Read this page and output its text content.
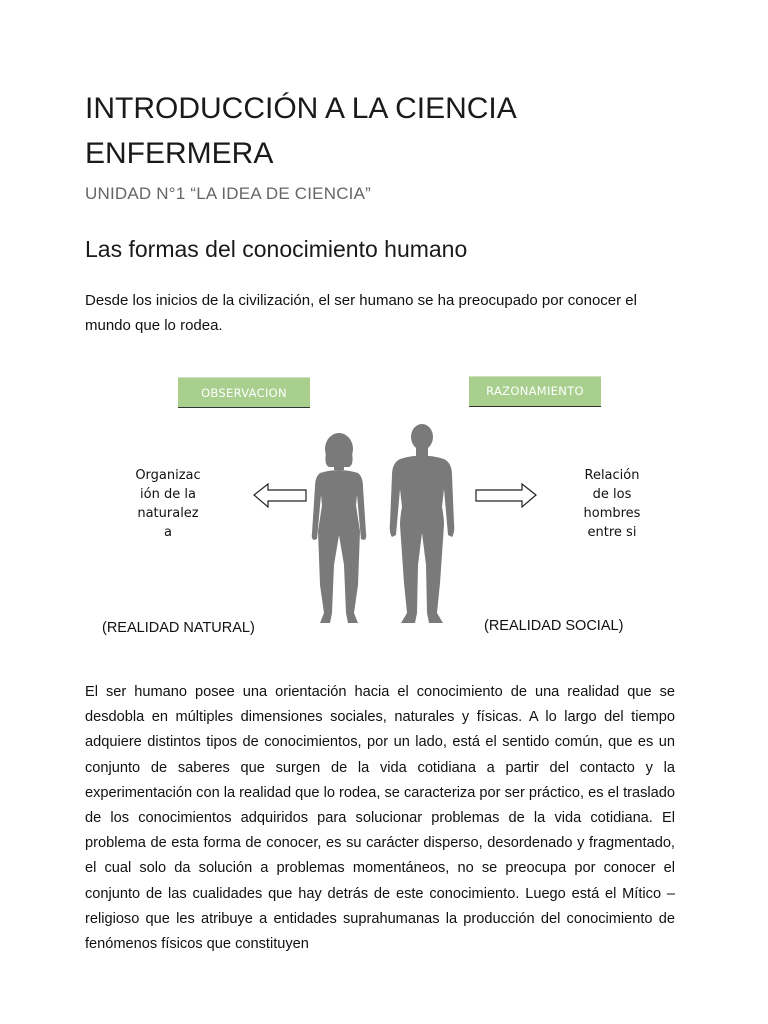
INTRODUCCIÓN A LA CIENCIA ENFERMERA

UNIDAD N°1 “LA IDEA DE CIENCIA”

Las formas del conocimiento humano

Desde los inicios de la civilización, el ser humano se ha preocupado por conocer el mundo que lo rodea.

OBSERVACION	RAZONAMIENTO
Organizac
ión de la
naturalez
a
Relación
de los
hombres
entre si
(REALIDAD NATURAL)	(REALIDAD SOCIAL)

El ser humano posee una orientación hacia el conocimiento de una realidad que se desdobla en múltiples dimensiones sociales, naturales y físicas. A lo largo del tiempo adquiere distintos tipos de conocimientos, por un lado, está el sentido común, que es un conjunto de saberes que surgen de la vida cotidiana a partir del contacto y la experimentación con la realidad que lo rodea, se caracteriza por ser práctico, es el traslado de los conocimientos adquiridos para solucionar problemas de la vida cotidiana. El problema de esta forma de conocer, es su carácter disperso, desordenado y fragmentado, el cual solo da solución a problemas momentáneos, no se preocupa por conocer el conjunto de las cualidades que hay detrás de este conocimiento. Luego está el Mítico – religioso que les atribuye a entidades suprahumanas la producción del conocimiento de fenómenos físicos que constituyen
